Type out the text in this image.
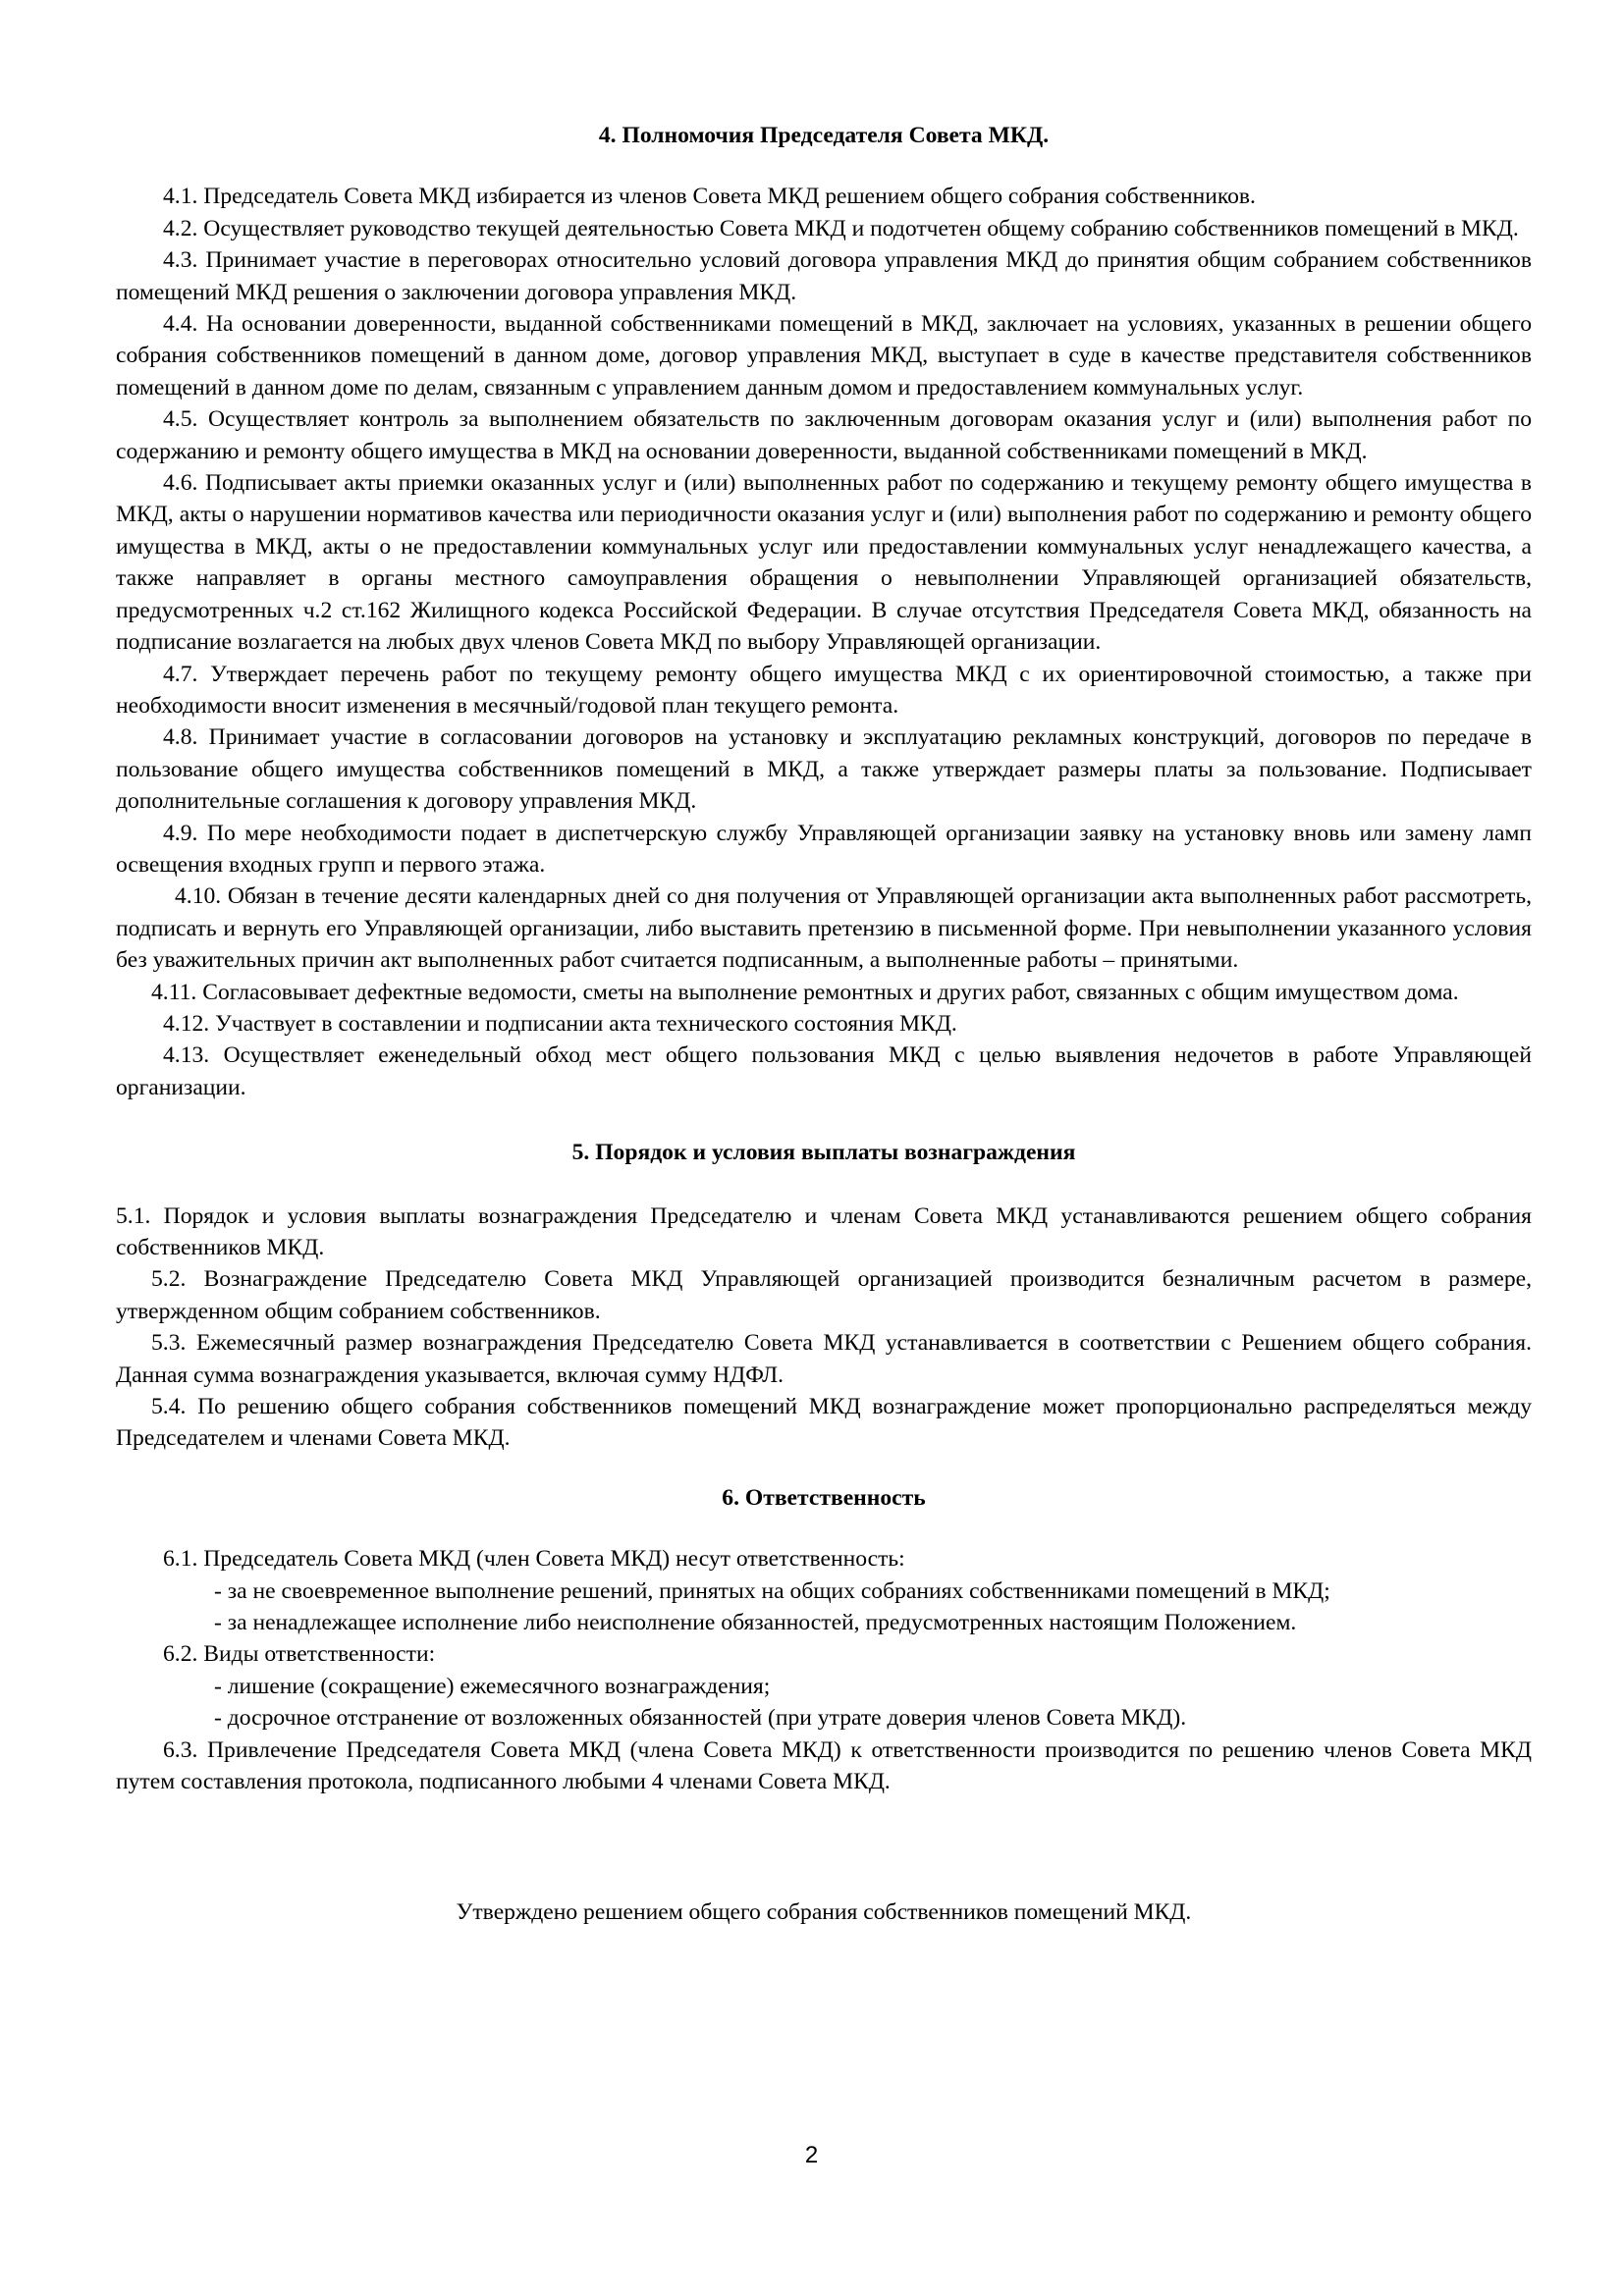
4. Полномочия Председателя Совета МКД.

4.1. Председатель Совета МКД избирается из членов Совета МКД решением общего собрания собственников.

4.2. Осуществляет руководство текущей деятельностью Совета МКД и подотчетен общему собранию собственников помещений в МКД.

4.3. Принимает участие в переговорах относительно условий договора управления МКД до принятия общим собранием собственников помещений МКД решения о заключении договора управления МКД.

4.4. На основании доверенности, выданной собственниками помещений в МКД, заключает на условиях, указанных в решении общего собрания собственников помещений в данном доме, договор управления МКД, выступает в суде в качестве представителя собственников помещений в данном доме по делам, связанным с управлением данным домом и предоставлением коммунальных услуг.

4.5. Осуществляет контроль за выполнением обязательств по заключенным договорам оказания услуг и (или) выполнения работ по содержанию и ремонту общего имущества в МКД на основании доверенности, выданной собственниками помещений в МКД.

4.6. Подписывает акты приемки оказанных услуг и (или) выполненных работ по содержанию и текущему ремонту общего имущества в МКД, акты о нарушении нормативов качества или периодичности оказания услуг и (или) выполнения работ по содержанию и ремонту общего имущества в МКД, акты о не предоставлении коммунальных услуг или предоставлении коммунальных услуг ненадлежащего качества, а также направляет в органы местного самоуправления обращения о невыполнении Управляющей организацией обязательств, предусмотренных ч.2 ст.162 Жилищного кодекса Российской Федерации. В случае отсутствия Председателя Совета МКД, обязанность на подписание возлагается на любых двух членов Совета МКД по выбору Управляющей организации.

4.7. Утверждает перечень работ по текущему ремонту общего имущества МКД с их ориентировочной стоимостью, а также при необходимости вносит изменения в месячный/годовой план текущего ремонта.

4.8. Принимает участие в согласовании договоров на установку и эксплуатацию рекламных конструкций, договоров по передаче в пользование общего имущества собственников помещений в МКД, а также утверждает размеры платы за пользование. Подписывает дополнительные соглашения к договору управления МКД.

4.9. По мере необходимости подает в диспетчерскую службу Управляющей организации заявку на установку вновь или замену ламп освещения входных групп и первого этажа.

4.10. Обязан в течение десяти календарных дней со дня получения от Управляющей организации акта выполненных работ рассмотреть, подписать и вернуть его Управляющей организации, либо выставить претензию в письменной форме. При невыполнении указанного условия без уважительных причин акт выполненных работ считается подписанным, а выполненные работы – принятыми.

4.11. Согласовывает дефектные ведомости, сметы на выполнение ремонтных и других работ, связанных с общим имуществом дома.

4.12. Участвует в составлении и подписании акта технического состояния МКД.

4.13. Осуществляет еженедельный обход мест общего пользования МКД с целью выявления недочетов в работе Управляющей организации.

5. Порядок и условия выплаты вознаграждения

5.1. Порядок и условия выплаты вознаграждения Председателю и членам Совета МКД устанавливаются решением общего собрания собственников МКД.

5.2. Вознаграждение Председателю Совета МКД Управляющей организацией производится безналичным расчетом в размере, утвержденном общим собранием собственников.

5.3. Ежемесячный размер вознаграждения Председателю Совета МКД устанавливается в соответствии с Решением общего собрания. Данная сумма вознаграждения указывается, включая сумму НДФЛ.

5.4. По решению общего собрания собственников помещений МКД вознаграждение может пропорционально распределяться между Председателем и членами Совета МКД.

6. Ответственность

6.1. Председатель Совета МКД (член Совета МКД) несут ответственность:

- за не своевременное выполнение решений, принятых на общих собраниях собственниками помещений в МКД;
- за ненадлежащее исполнение либо неисполнение обязанностей, предусмотренных настоящим Положением.

6.2. Виды ответственности:

- лишение (сокращение) ежемесячного вознаграждения;
- досрочное отстранение от возложенных обязанностей (при утрате доверия членов Совета МКД).

6.3. Привлечение Председателя Совета МКД (члена Совета МКД) к ответственности производится по решению членов Совета МКД путем составления протокола, подписанного любыми 4 членами Совета МКД.

Утверждено решением общего собрания собственников помещений МКД.

2
